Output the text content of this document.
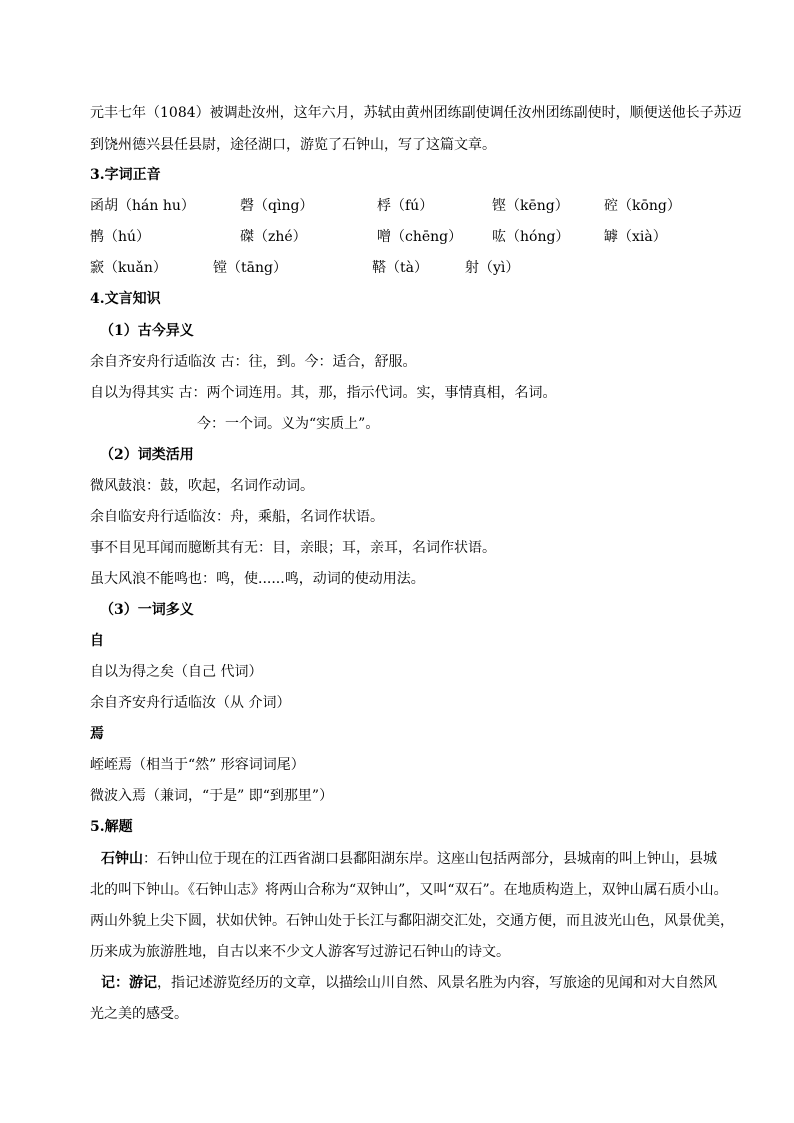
元丰七年（1084）被调赴汝州，这年六月，苏轼由黄州团练副使调任汝州团练副使时，顺便送他长子苏迈
到饶州德兴县任县尉，途径湖口，游览了石钟山，写了这篇文章。
3.字词正音
函胡（hán hu）	磬（qìng）	桴（fú）	铿（kēng）	硿（kōng）
鹘（hú）	磔（zhé）	噌（chēng） 吰（hóng） 罅（xià）
窾（kuǎn）	镗（tāng）	鞳（tà）	射（yì）
4.文言知识
（1）古今异义
余自齐安舟行适临汝 古：往，到。今：适合，舒服。
自以为得其实 古：两个词连用。其，那，指示代词。实，事情真相，名词。
今：一个词。义为“实质上”。
（2）词类活用
微风鼓浪：鼓，吹起，名词作动词。
余自临安舟行适临汝：舟，乘船，名词作状语。
事不目见耳闻而臆断其有无：目，亲眼；耳，亲耳，名词作状语。
虽大风浪不能鸣也：鸣，使......鸣，动词的使动用法。
（3）一词多义
自
自以为得之矣（自己 代词）
余自齐安舟行适临汝（从 介词）
焉
峌峌焉（相当于“然” 形容词词尾）
微波入焉（兼词，“于是” 即“到那里”）
5.解题
石钟山：石钟山位于现在的江西省湖口县鄱阳湖东岸。这座山包括两部分，县城南的叫上钟山，县城
北的叫下钟山。《石钟山志》将两山合称为“双钟山”，又叫“双石”。在地质构造上，双钟山属石质小山。
两山外貌上尖下圆，状如伏钟。石钟山处于长江与鄱阳湖交汇处，交通方便，而且波光山色，风景优美，
历来成为旅游胜地，自古以来不少文人游客写过游记石钟山的诗文。
记：游记，指记述游览经历的文章，以描绘山川自然、风景名胜为内容，写旅途的见闻和对大自然风
光之美的感受。
